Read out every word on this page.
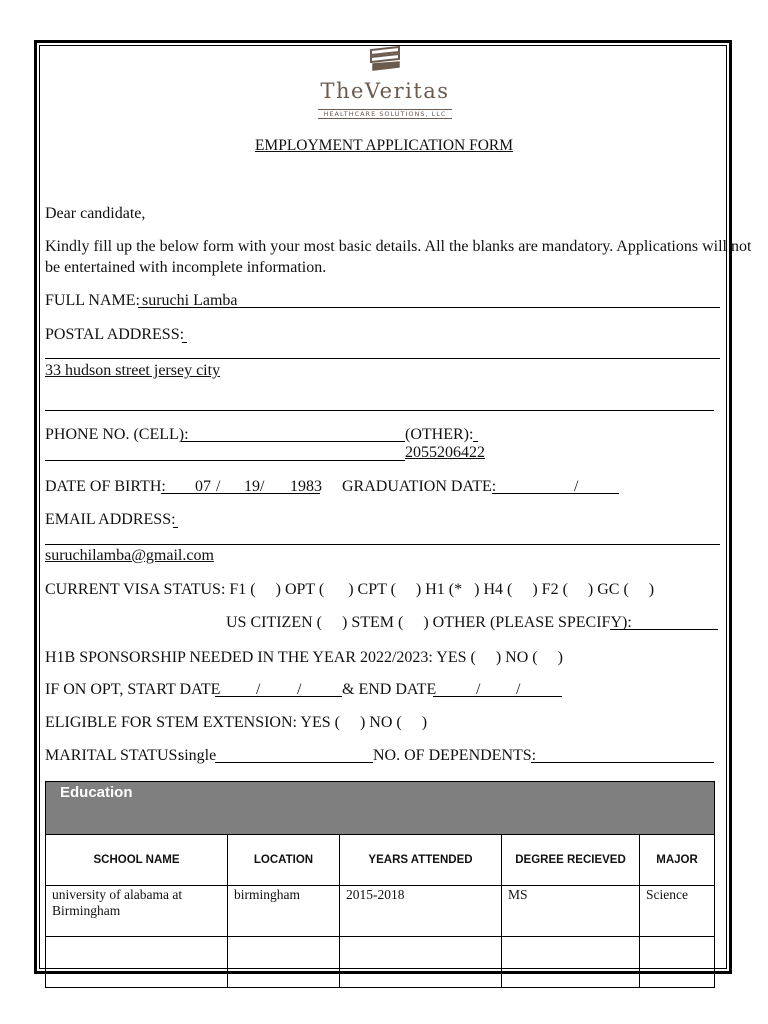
TheVeritas
HEALTHCARE SOLUTIONS, LLC
EMPLOYMENT APPLICATION FORM
Dear candidate,
Kindly fill up the below form with your most basic details. All the blanks are mandatory. Applications will not
be entertained with incomplete information.
FULL NAME: suruchi Lamba
POSTAL ADDRESS:
33 hudson street jersey city
PHONE NO. (CELL):	(OTHER):
2055206422
DATE OF BIRTH: 07 / 19 / 1983 GRADUATION DATE:	/
EMAIL ADDRESS:
suruchilamba@gmail.com
CURRENT VISA STATUS: F1 (     ) OPT (      ) CPT (     ) H1 (*   ) H4 (     ) F2 (     ) GC (     )
US CITIZEN (     ) STEM (     ) OTHER (PLEASE SPECIFY):
H1B SPONSORSHIP NEEDED IN THE YEAR 2022/2023: YES (     ) NO (     )
IF ON OPT, START DATE / /	& END DATE / /
ELIGIBLE FOR STEM EXTENSION: YES (     ) NO (     )
MARITAL STATUS:
single	NO. OF DEPENDENTS:
Education				
SCHOOL NAME	LOCATION	YEARS ATTENDED	DEGREE RECIEVED	MAJOR
university of alabama at Birmingham	birmingham	2015-2018	MS	Science
